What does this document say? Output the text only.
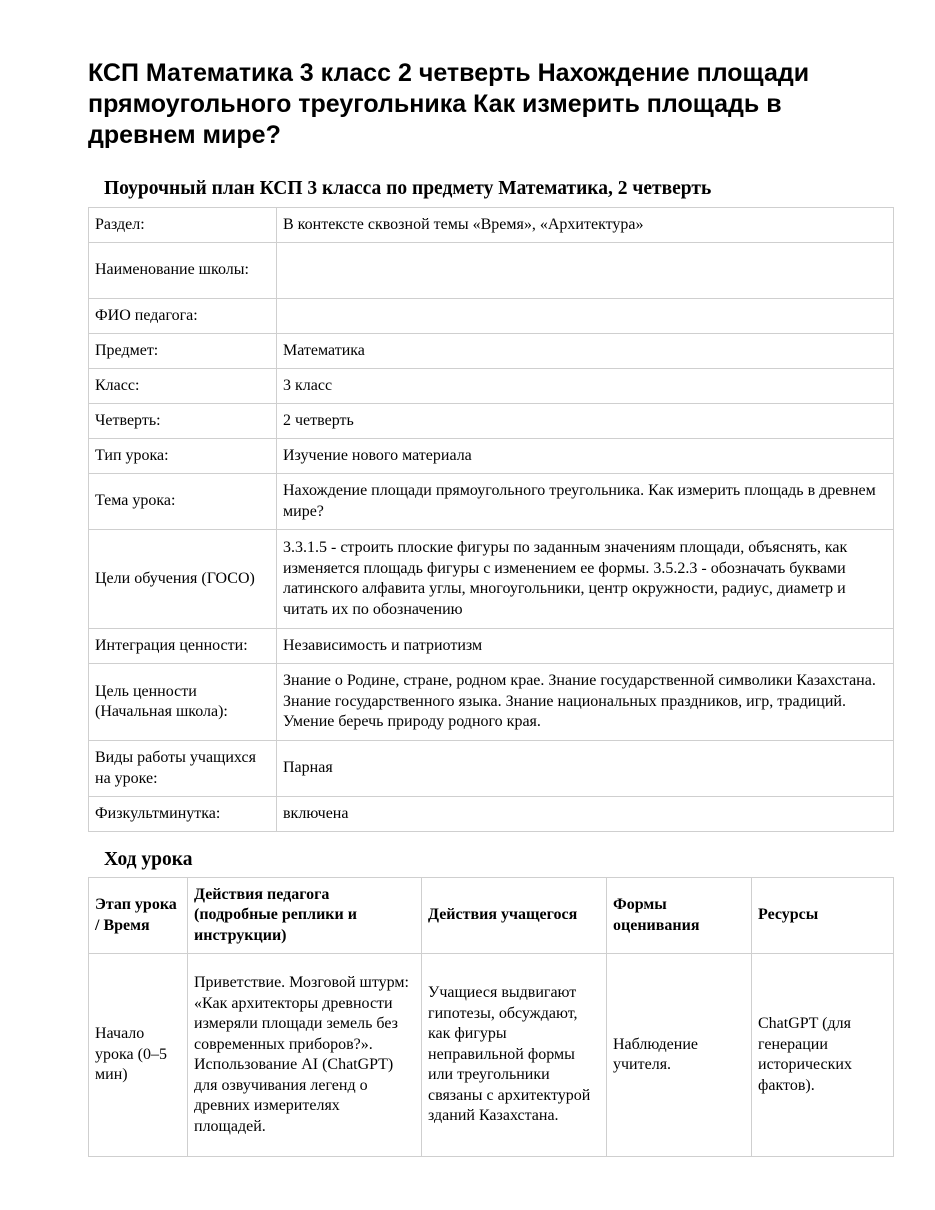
КСП Математика 3 класс 2 четверть Нахождение площади прямоугольного треугольника Как измерить площадь в древнем мире?
Поурочный план КСП 3 класса по предмету Математика, 2 четверть
Раздел:	В контексте сквозной темы «Время», «Архитектура»
Наименование школы:	
ФИО педагога:	
Предмет:	Математика
Класс:	3 класс
Четверть:	2 четверть
Тип урока:	Изучение нового материала
Тема урока:	Нахождение площади прямоугольного треугольника. Как измерить площадь в древнем мире?
Цели обучения (ГОСО)	3.3.1.5 - строить плоские фигуры по заданным значениям площади, объяснять, как изменяется площадь фигуры с изменением ее формы. 3.5.2.3 - обозначать буквами латинского алфавита углы, многоугольники, центр окружности, радиус, диаметр и читать их по обозначению
Интеграция ценности:	Независимость и патриотизм
Цель ценности (Начальная школа):	Знание о Родине, стране, родном крае. Знание государственной символики Казахстана. Знание государственного языка. Знание национальных праздников, игр, традиций. Умение беречь природу родного края.
Виды работы учащихся на уроке:	Парная
Физкультминутка:	включена
Ход урока
Этап урока / Время	Действия педагога (подробные реплики и инструкции)	Действия учащегося	Формы оценивания	Ресурсы
Начало урока (0–5 мин)	Приветствие. Мозговой штурм: «Как архитекторы древности измеряли площади земель без современных приборов?». Использование AI (ChatGPT) для озвучивания легенд о древних измерителях площадей.	Учащиеся выдвигают гипотезы, обсуждают, как фигуры неправильной формы или треугольники связаны с архитектурой зданий Казахстана.	Наблюдение учителя.	ChatGPT (для генерации исторических фактов).
